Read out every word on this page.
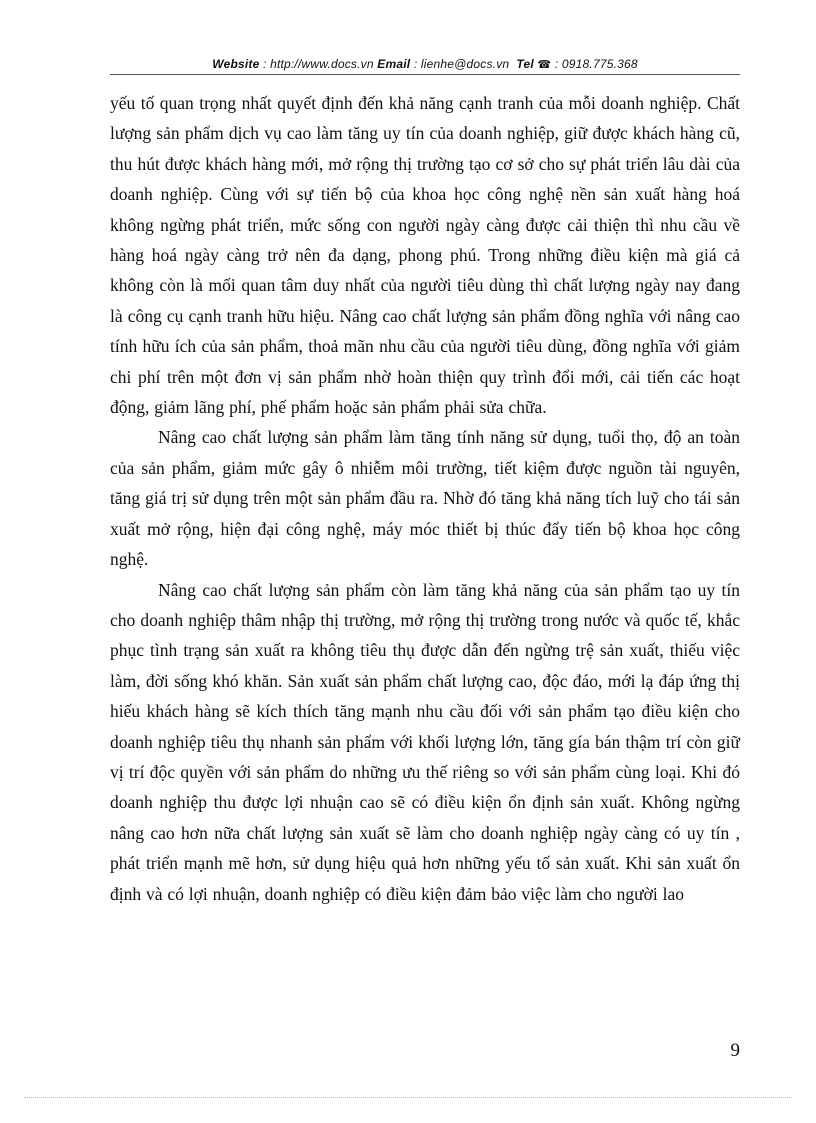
Website : http://www.docs.vn Email : lienhe@docs.vn Tel ☎ : 0918.775.368

yếu tố quan trọng nhất quyết định đến khả năng cạnh tranh của mỗi doanh nghiệp. Chất lượng sản phẩm dịch vụ cao làm tăng uy tín của doanh nghiệp, giữ được khách hàng cũ, thu hút được khách hàng mới, mở rộng thị trường tạo cơ sở cho sự phát triển lâu dài của doanh nghiệp. Cùng với sự tiến bộ của khoa học công nghệ nền sản xuất hàng hoá không ngừng phát triển, mức sống con người ngày càng được cải thiện thì nhu cầu về hàng hoá ngày càng trở nên đa dạng, phong phú. Trong những điều kiện mà giá cả không còn là mối quan tâm duy nhất của người tiêu dùng thì chất lượng ngày nay đang là công cụ cạnh tranh hữu hiệu. Nâng cao chất lượng sản phẩm đồng nghĩa với nâng cao tính hữu ích của sản phẩm, thoả mãn nhu cầu của người tiêu dùng, đồng nghĩa với giảm chi phí trên một đơn vị sản phẩm nhờ hoàn thiện quy trình đổi mới, cải tiến các hoạt động, giảm lãng phí, phế phẩm hoặc sản phẩm phải sửa chữa.

Nâng cao chất lượng sản phẩm làm tăng tính năng sử dụng, tuổi thọ, độ an toàn của sản phẩm, giảm mức gây ô nhiễm môi trường, tiết kiệm được nguồn tài nguyên, tăng giá trị sử dụng trên một sản phẩm đầu ra. Nhờ đó tăng khả năng tích luỹ cho tái sản xuất mở rộng, hiện đại công nghệ, máy móc thiết bị thúc đẩy tiến bộ khoa học công nghệ.

Nâng cao chất lượng sản phẩm còn làm tăng khả năng của sản phẩm tạo uy tín cho doanh nghiệp thâm nhập thị trường, mở rộng thị trường trong nước và quốc tế, khắc phục tình trạng sản xuất ra không tiêu thụ được dẫn đến ngừng trệ sản xuất, thiếu việc làm, đời sống khó khăn. Sản xuất sản phẩm chất lượng cao, độc đáo, mới lạ đáp ứng thị hiếu khách hàng sẽ kích thích tăng mạnh nhu cầu đối với sản phẩm tạo điều kiện cho doanh nghiệp tiêu thụ nhanh sản phẩm với khối lượng lớn, tăng gía bán thậm trí còn giữ vị trí độc quyền với sản phẩm do những ưu thế riêng so với sản phẩm cùng loại. Khi đó doanh nghiệp thu được lợi nhuận cao sẽ có điều kiện ổn định sản xuất. Không ngừng nâng cao hơn nữa chất lượng sản xuất sẽ làm cho doanh nghiệp ngày càng có uy tín , phát triển mạnh mẽ hơn, sử dụng hiệu quả hơn những yếu tố sản xuất. Khi sản xuất ổn định và có lợi nhuận, doanh nghiệp có điều kiện đảm bảo việc làm cho người lao

9
